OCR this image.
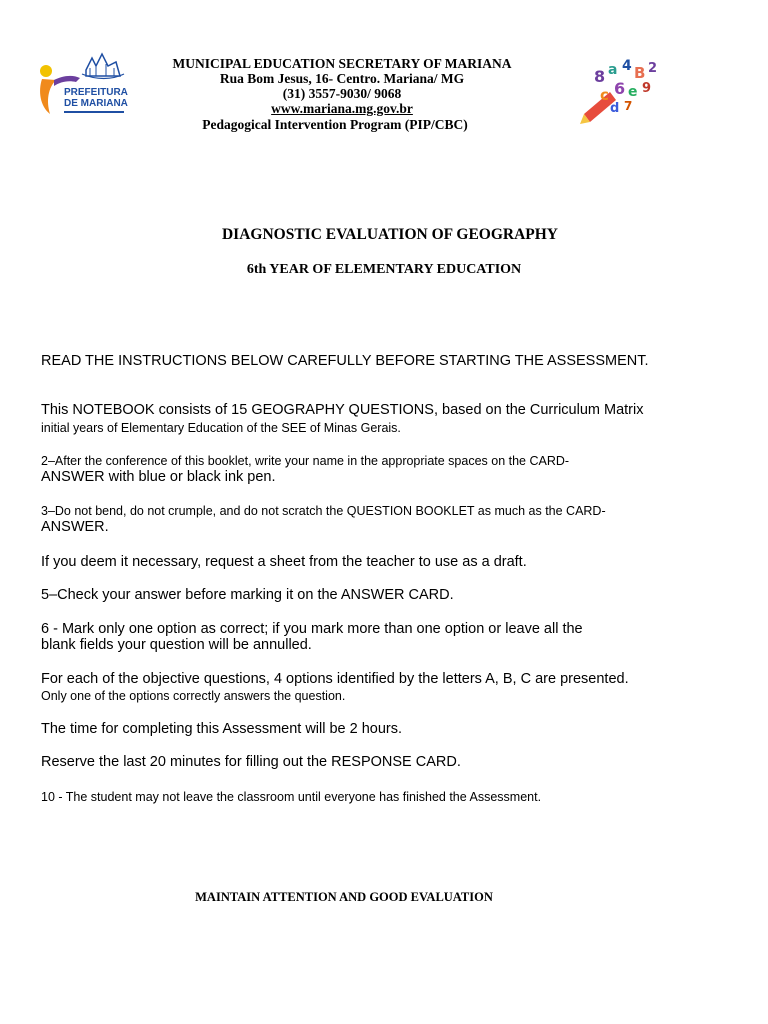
PREFEITURA
DE MARIANA
MUNICIPAL EDUCATION SECRETARY OF MARIANA
Rua Bom Jesus, 16- Centro. Mariana/ MG
(31) 3557-9030/ 9068
www.mariana.mg.gov.br
Pedagogical Intervention Program (PIP/CBC)
8 a 4 B 2
c 6 e 9
d 7
DIAGNOSTIC EVALUATION OF GEOGRAPHY
6th YEAR OF ELEMENTARY EDUCATION
READ THE INSTRUCTIONS BELOW CAREFULLY BEFORE STARTING THE ASSESSMENT.
This NOTEBOOK consists of 15 GEOGRAPHY QUESTIONS, based on the Curriculum Matrix
initial years of Elementary Education of the SEE of Minas Gerais.
2–After the conference of this booklet, write your name in the appropriate spaces on the CARD-
ANSWER with blue or black ink pen.
3–Do not bend, do not crumple, and do not scratch the QUESTION BOOKLET as much as the CARD-
ANSWER.
If you deem it necessary, request a sheet from the teacher to use as a draft.
5–Check your answer before marking it on the ANSWER CARD.
6 - Mark only one option as correct; if you mark more than one option or leave all the
blank fields your question will be annulled.
For each of the objective questions, 4 options identified by the letters A, B, C are presented.
Only one of the options correctly answers the question.
The time for completing this Assessment will be 2 hours.
Reserve the last 20 minutes for filling out the RESPONSE CARD.
10 - The student may not leave the classroom until everyone has finished the Assessment.
MAINTAIN ATTENTION AND GOOD EVALUATION
